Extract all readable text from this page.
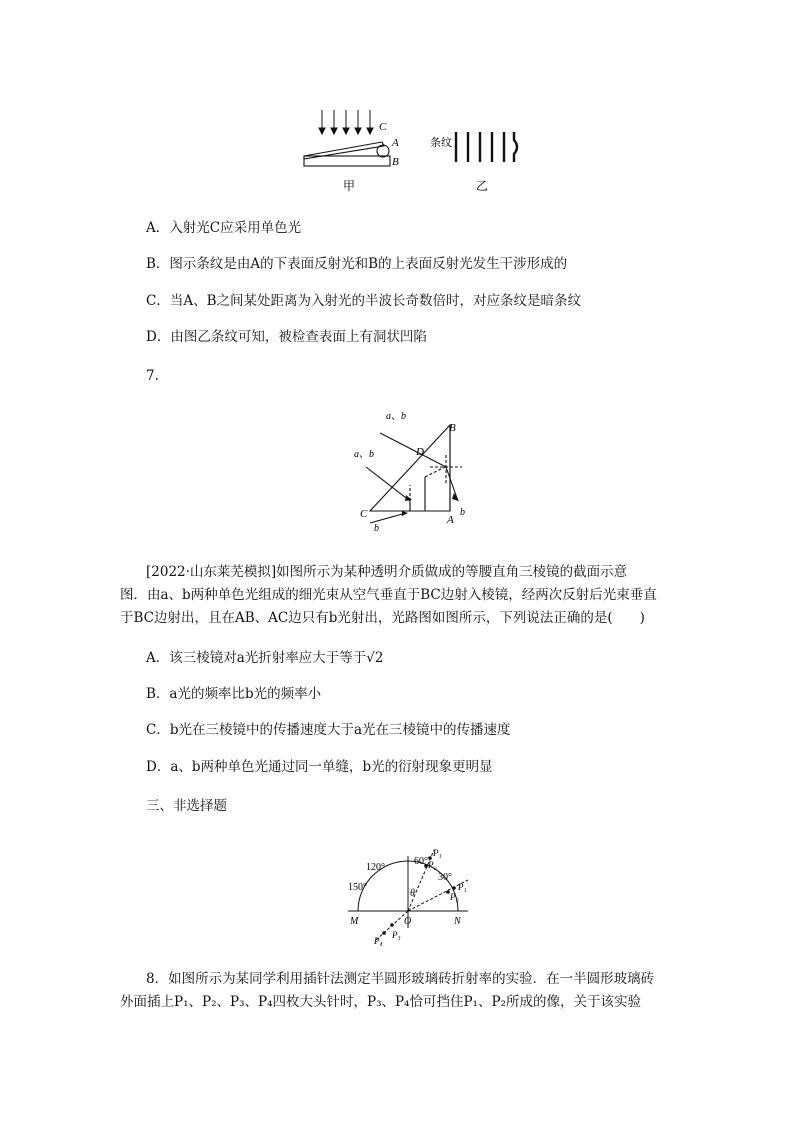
C
A
B
甲
条纹
乙
A．入射光C应采用单色光
B．图示条纹是由A的下表面反射光和B的上表面反射光发生干涉形成的
C．当A、B之间某处距离为入射光的半波长奇数倍时，对应条纹是暗条纹
D．由图乙条纹可知，被检查表面上有洞状凹陷
7.
a、b
a、b
B
D
C	A
b
b
[2022·山东莱芜模拟]如图所示为某种透明介质做成的等腰直角三棱镜的截面示意
图．由a、b两种单色光组成的细光束从空气垂直于BC边射入棱镜，经两次反射后光束垂直
于BC边射出，且在AB、AC边只有b光射出，光路图如图所示，下列说法正确的是(　　)
A．该三棱镜对a光折射率应大于等于√2
B．a光的频率比b光的频率小
C．b光在三棱镜中的传播速度大于a光在三棱镜中的传播速度
D．a、b两种单色光通过同一单缝，b光的衍射现象更明显
三、非选择题
120°
60°
30°
150°
θ
M	O	N
P₁
P₂
P₁
P₂
P₃
P₄
8．如图所示为某同学利用插针法测定半圆形玻璃砖折射率的实验．在一半圆形玻璃砖
外面插上P₁、P₂、P₃、P₄四枚大头针时，P₃、P₄恰可挡住P₁、P₂所成的像，关于该实验
